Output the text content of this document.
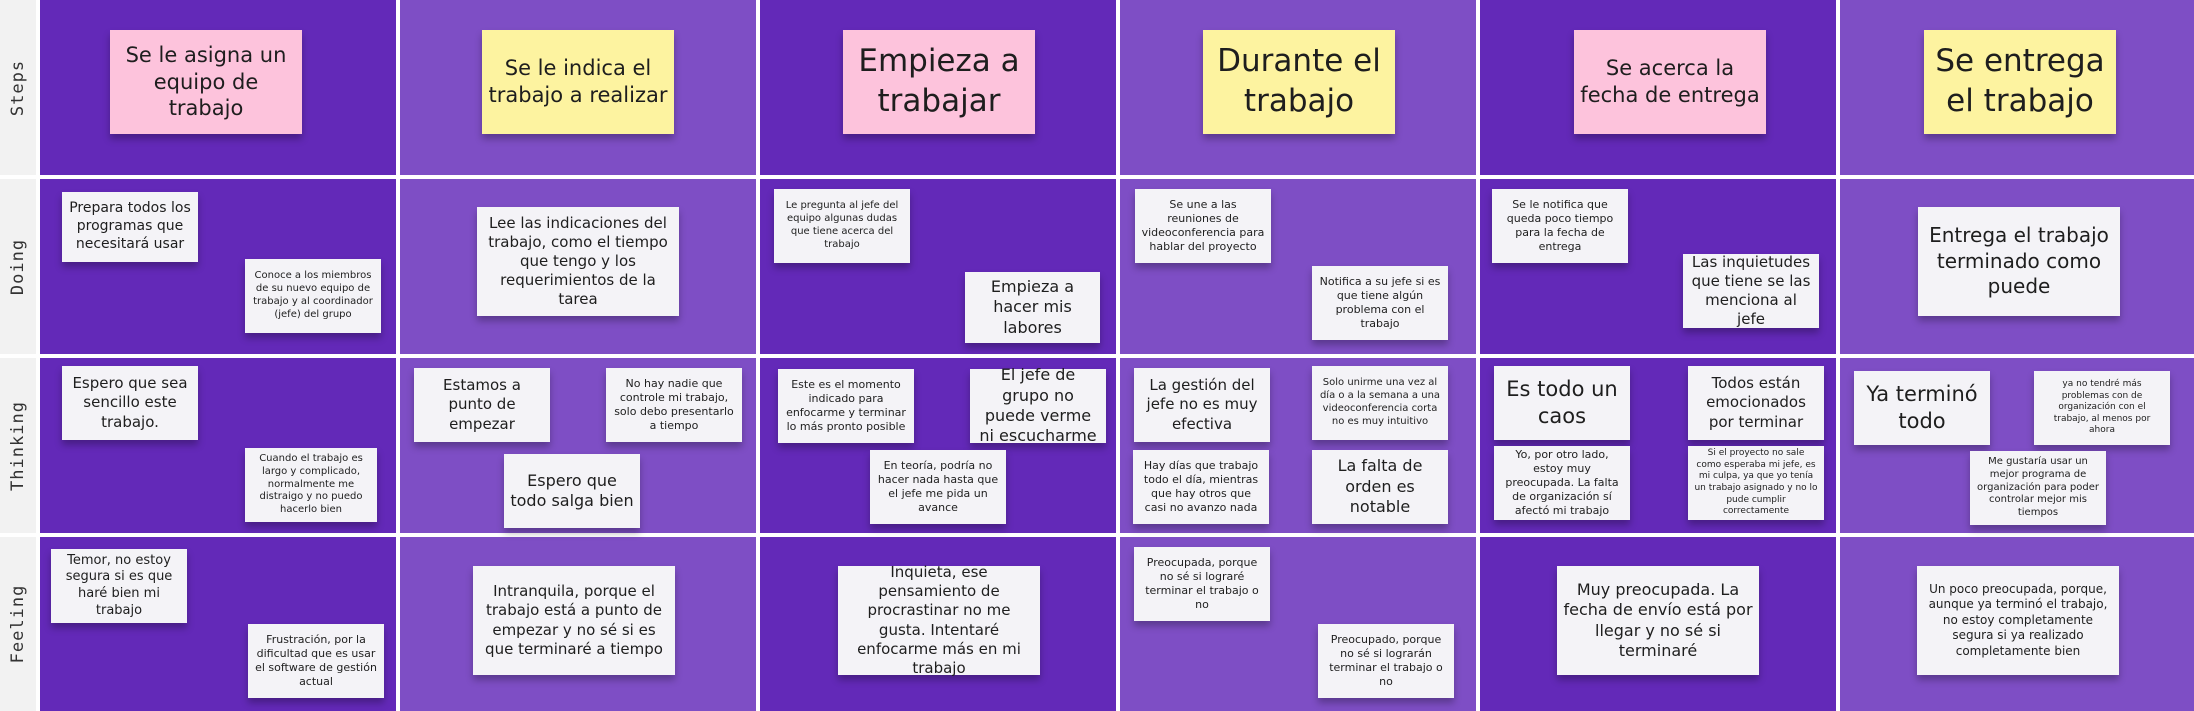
Steps
Doing
Thinking
Feeling
Se le asigna un equipo de trabajo
Se le indica el trabajo a realizar
Empieza a trabajar
Durante el trabajo
Se acerca la fecha de entrega
Se entrega el trabajo
Prepara todos los programas que necesitará usar
Conoce a los miembros de su nuevo equipo de trabajo y al coordinador (jefe) del grupo
Lee las indicaciones del trabajo, como el tiempo que tengo y los requerimientos de la tarea
Le pregunta al jefe del equipo algunas dudas que tiene acerca del trabajo
Empieza a hacer mis labores
Se une a las reuniones de videoconferencia para hablar del proyecto
Notifica a su jefe si es que tiene algún problema con el trabajo
Se le notifica que queda poco tiempo para la fecha de entrega
Las inquietudes que tiene se las menciona al jefe
Entrega el trabajo terminado como puede
Espero que sea sencillo este trabajo.
Cuando el trabajo es largo y complicado, normalmente me distraigo y no puedo hacerlo bien
Estamos a punto de empezar
No hay nadie que controle mi trabajo, solo debo presentarlo a tiempo
Espero que todo salga bien
Este es el momento indicado para enfocarme y terminar lo más pronto posible
El jefe de grupo no puede verme ni escucharme
En teoría, podría no hacer nada hasta que el jefe me pida un avance
La gestión del jefe no es muy efectiva
Solo unirme una vez al día o a la semana a una videoconferencia corta no es muy intuitivo
Hay días que trabajo todo el día, mientras que hay otros que casi no avanzo nada
La falta de orden es notable
Es todo un caos
Todos están emocionados por terminar
Yo, por otro lado, estoy muy preocupada. La falta de organización sí afectó mi trabajo
Si el proyecto no sale como esperaba mi jefe, es mi culpa, ya que yo tenía un trabajo asignado y no lo pude cumplir correctamente
Ya terminó todo
ya no tendré más problemas con de organización con el trabajo, al menos por ahora
Me gustaría usar un mejor programa de organización para poder controlar mejor mis tiempos
Temor, no estoy segura si es que haré bien mi trabajo
Frustración, por la dificultad que es usar el software de gestión actual
Intranquila, porque el trabajo está a punto de empezar y no sé si es que terminaré a tiempo
Inquieta, ese pensamiento de procrastinar no me gusta. Intentaré enfocarme más en mi trabajo
Preocupada, porque no sé si lograré terminar el trabajo o no
Preocupado, porque no sé si lograrán terminar el trabajo o no
Muy preocupada. La fecha de envío está por llegar y no sé si terminaré
Un poco preocupada, porque, aunque ya terminó el trabajo, no estoy completamente segura si ya realizado completamente bien
